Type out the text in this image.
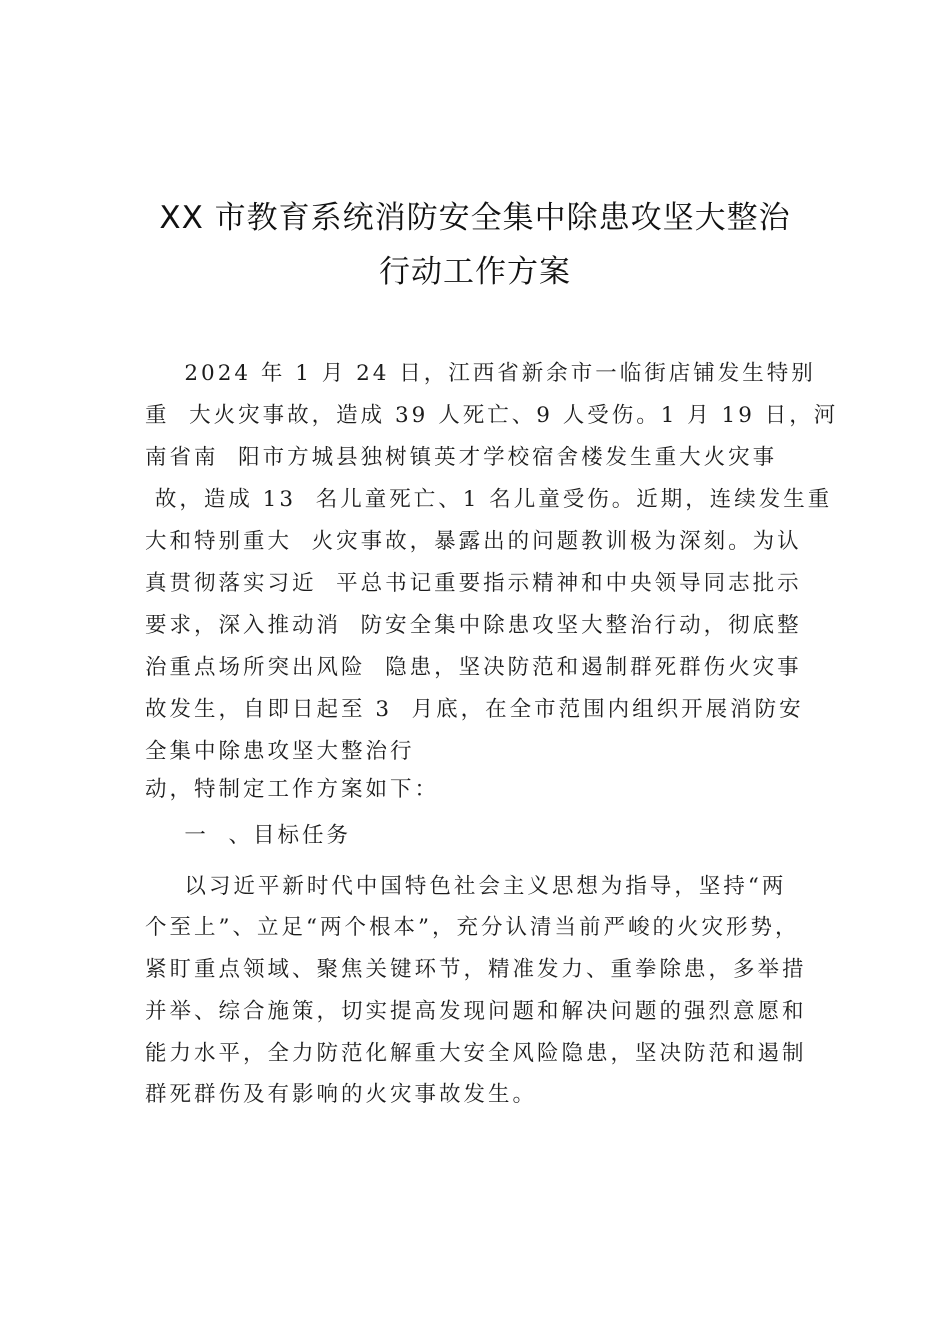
XX 市教育系统消防安全集中除患攻坚大整治
行动工作方案
2024 年 1 月 24 日，江西省新余市一临街店铺发生特别
重  大火灾事故，造成 39 人死亡、9 人受伤。1 月 19 日，河
南省南  阳市方城县独树镇英才学校宿舍楼发生重大火灾事
故，造成 13  名儿童死亡、1 名儿童受伤。近期，连续发生重
大和特别重大  火灾事故，暴露出的问题教训极为深刻。为认
真贯彻落实习近  平总书记重要指示精神和中央领导同志批示
要求，深入推动消  防安全集中除患攻坚大整治行动，彻底整
治重点场所突出风险  隐患，坚决防范和遏制群死群伤火灾事
故发生，自即日起至 3  月底，在全市范围内组织开展消防安
全集中除患攻坚大整治行
动，特制定工作方案如下：
一  、目标任务
以习近平新时代中国特色社会主义思想为指导，坚持“两
个至上”、立足“两个根本”，充分认清当前严峻的火灾形势，
紧盯重点领域、聚焦关键环节，精准发力、重拳除患，多举措
并举、综合施策，切实提高发现问题和解决问题的强烈意愿和
能力水平，全力防范化解重大安全风险隐患，坚决防范和遏制
群死群伤及有影响的火灾事故发生。
